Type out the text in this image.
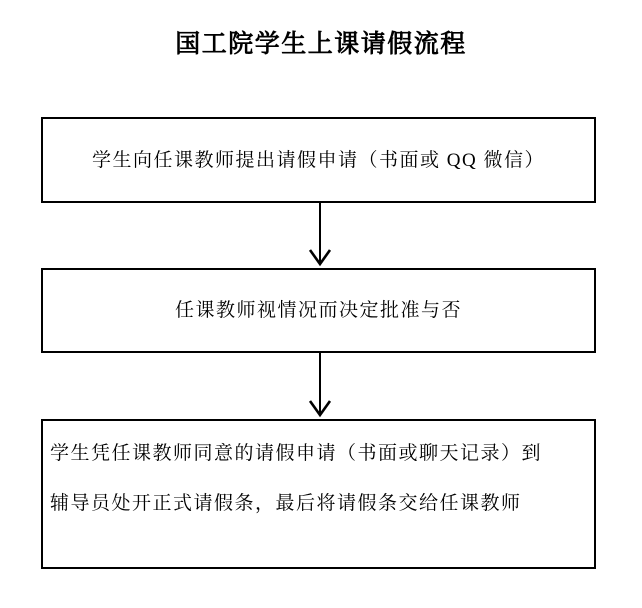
国工院学生上课请假流程
学生向任课教师提出请假申请（书面或 QQ 微信）
任课教师视情况而决定批准与否
学生凭任课教师同意的请假申请（书面或聊天记录）到
辅导员处开正式请假条，最后将请假条交给任课教师
